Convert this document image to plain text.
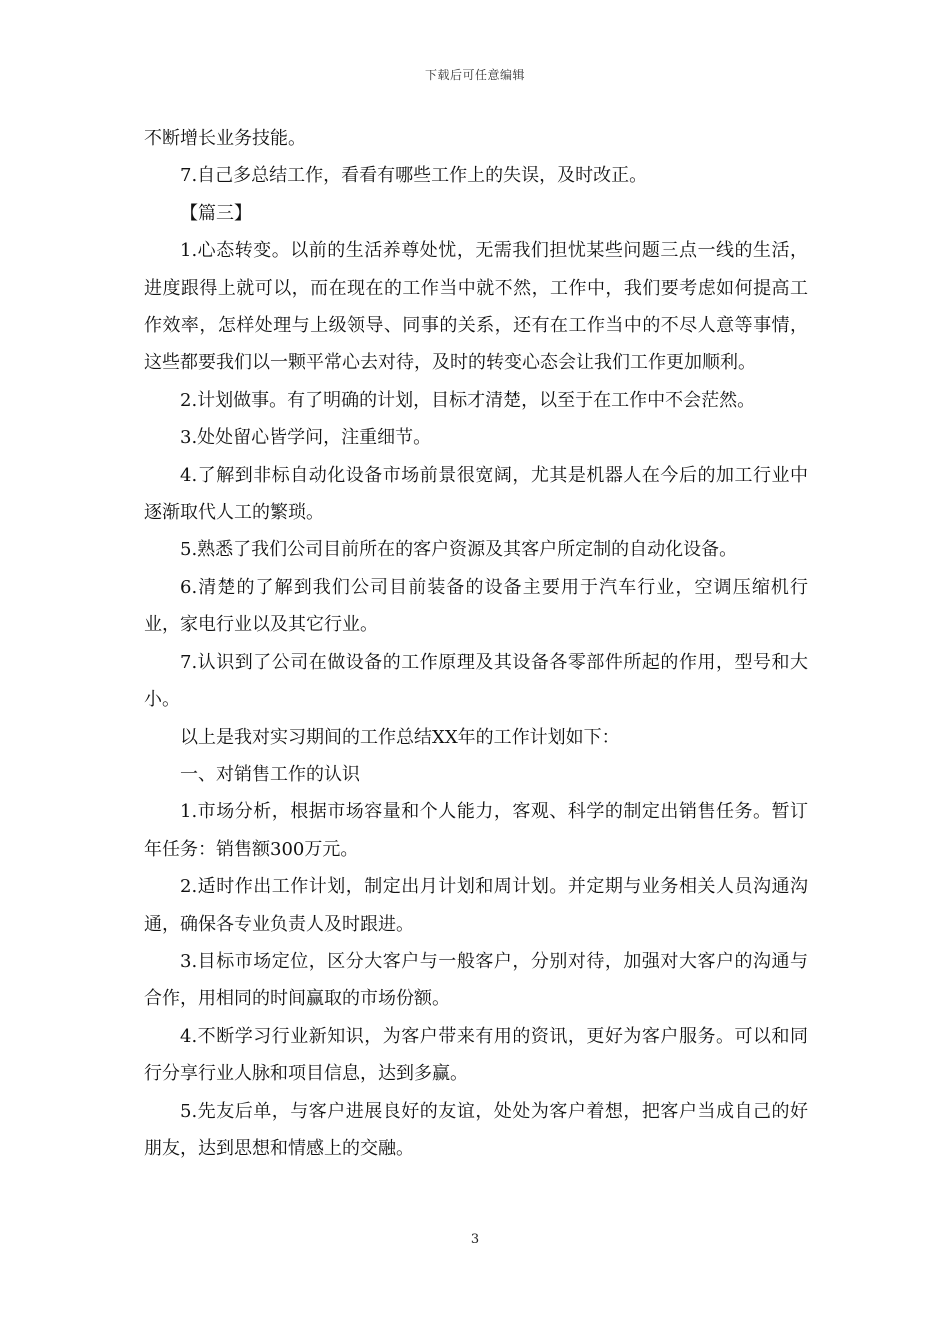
下载后可任意编辑

不断增长业务技能。

7.自己多总结工作，看看有哪些工作上的失误，及时改正。

【篇三】

1.心态转变。以前的生活养尊处忧，无需我们担忧某些问题三点一线的生活，进度跟得上就可以，而在现在的工作当中就不然，工作中，我们要考虑如何提高工作效率，怎样处理与上级领导、同事的关系，还有在工作当中的不尽人意等事情，这些都要我们以一颗平常心去对待，及时的转变心态会让我们工作更加顺利。

2.计划做事。有了明确的计划，目标才清楚，以至于在工作中不会茫然。

3.处处留心皆学问，注重细节。

4.了解到非标自动化设备市场前景很宽阔，尤其是机器人在今后的加工行业中逐渐取代人工的繁琐。

5.熟悉了我们公司目前所在的客户资源及其客户所定制的自动化设备。

6.清楚的了解到我们公司目前装备的设备主要用于汽车行业，空调压缩机行业，家电行业以及其它行业。

7.认识到了公司在做设备的工作原理及其设备各零部件所起的作用，型号和大小。

以上是我对实习期间的工作总结XX年的工作计划如下：

一、对销售工作的认识

1.市场分析，根据市场容量和个人能力，客观、科学的制定出销售任务。暂订年任务：销售额300万元。

2.适时作出工作计划，制定出月计划和周计划。并定期与业务相关人员沟通沟通，确保各专业负责人及时跟进。

3.目标市场定位，区分大客户与一般客户，分别对待，加强对大客户的沟通与合作，用相同的时间赢取的市场份额。

4.不断学习行业新知识，为客户带来有用的资讯，更好为客户服务。可以和同行分享行业人脉和项目信息，达到多赢。

5.先友后单，与客户进展良好的友谊，处处为客户着想，把客户当成自己的好朋友，达到思想和情感上的交融。

3
